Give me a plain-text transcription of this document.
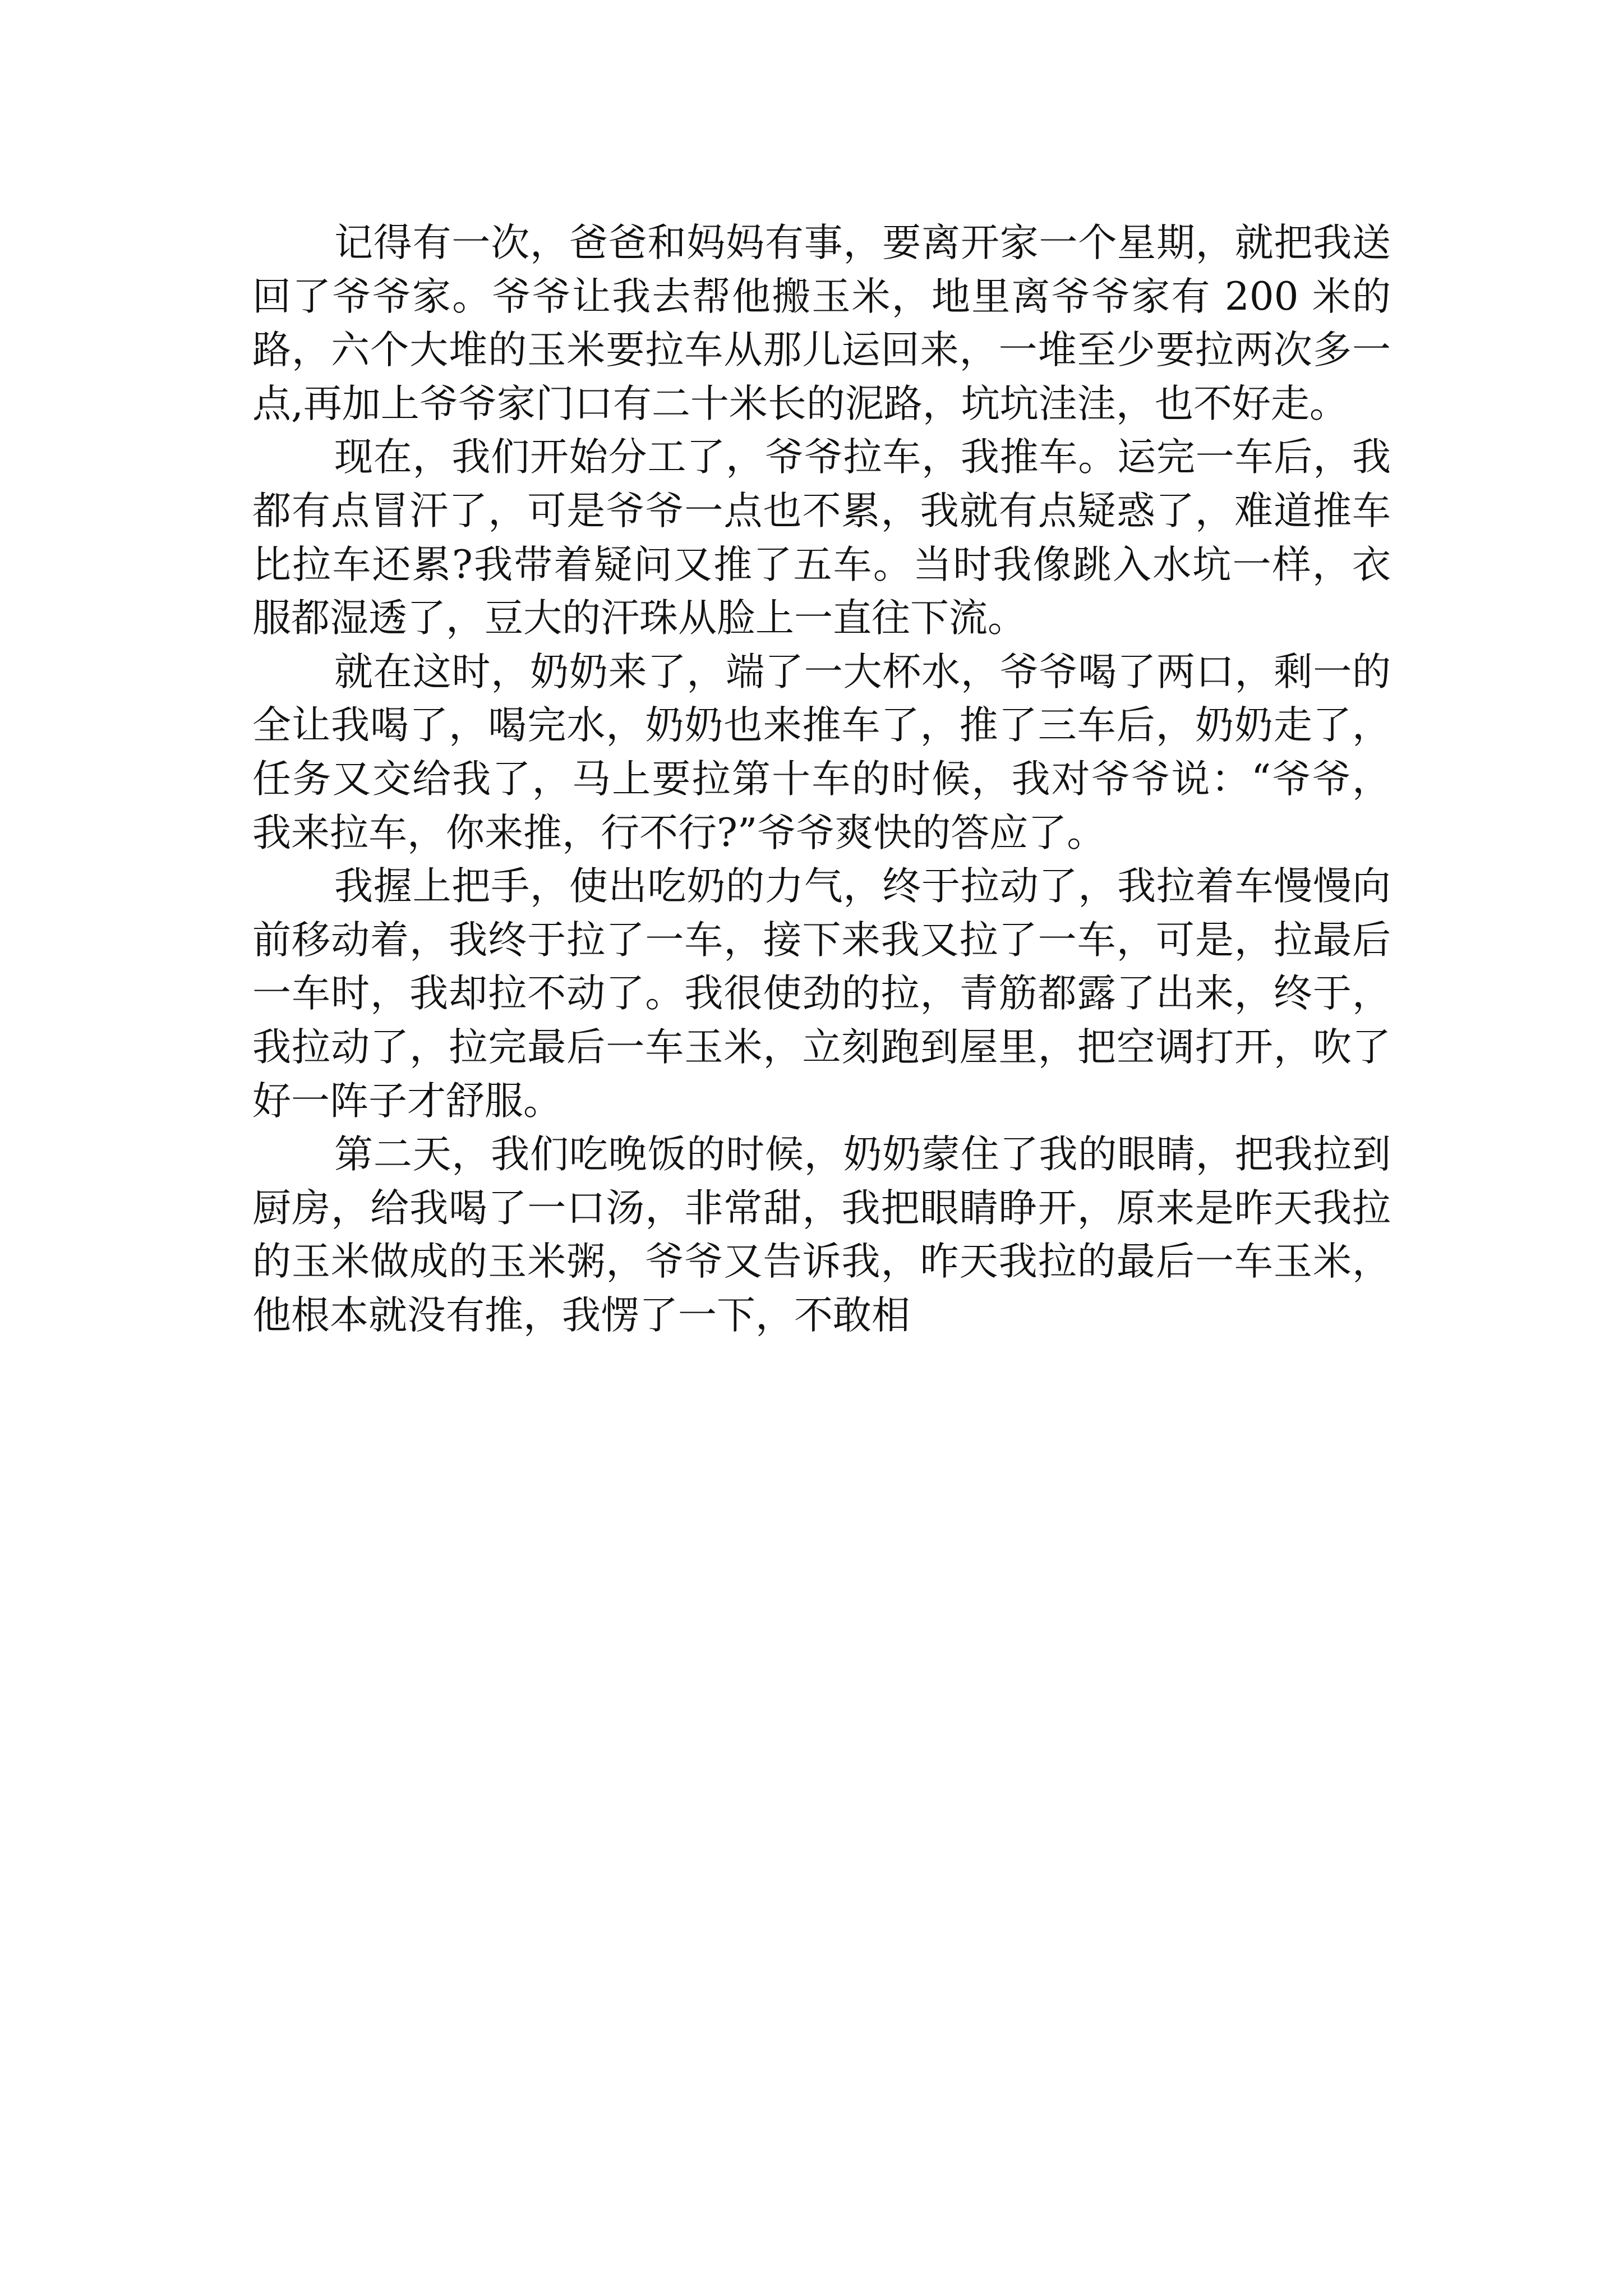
记得有一次，爸爸和妈妈有事，要离开家一个星期，就把我送回了爷爷家。爷爷让我去帮他搬玉米，地里离爷爷家有 200 米的路，六个大堆的玉米要拉车从那儿运回来，一堆至少要拉两次多一点,再加上爷爷家门口有二十米长的泥路，坑坑洼洼，也不好走。

现在，我们开始分工了，爷爷拉车，我推车。运完一车后，我都有点冒汗了，可是爷爷一点也不累，我就有点疑惑了，难道推车比拉车还累?我带着疑问又推了五车。当时我像跳入水坑一样，衣服都湿透了，豆大的汗珠从脸上一直往下流。

就在这时，奶奶来了，端了一大杯水，爷爷喝了两口，剩一的全让我喝了，喝完水，奶奶也来推车了，推了三车后，奶奶走了，任务又交给我了，马上要拉第十车的时候，我对爷爷说：“爷爷，我来拉车，你来推，行不行?”爷爷爽快的答应了。

我握上把手，使出吃奶的力气，终于拉动了，我拉着车慢慢向前移动着，我终于拉了一车，接下来我又拉了一车，可是，拉最后一车时，我却拉不动了。我很使劲的拉，青筋都露了出来，终于，我拉动了，拉完最后一车玉米，立刻跑到屋里，把空调打开，吹了好一阵子才舒服。

第二天，我们吃晚饭的时候，奶奶蒙住了我的眼睛，把我拉到厨房，给我喝了一口汤，非常甜，我把眼睛睁开，原来是昨天我拉的玉米做成的玉米粥，爷爷又告诉我，昨天我拉的最后一车玉米，他根本就没有推，我愣了一下，不敢相
